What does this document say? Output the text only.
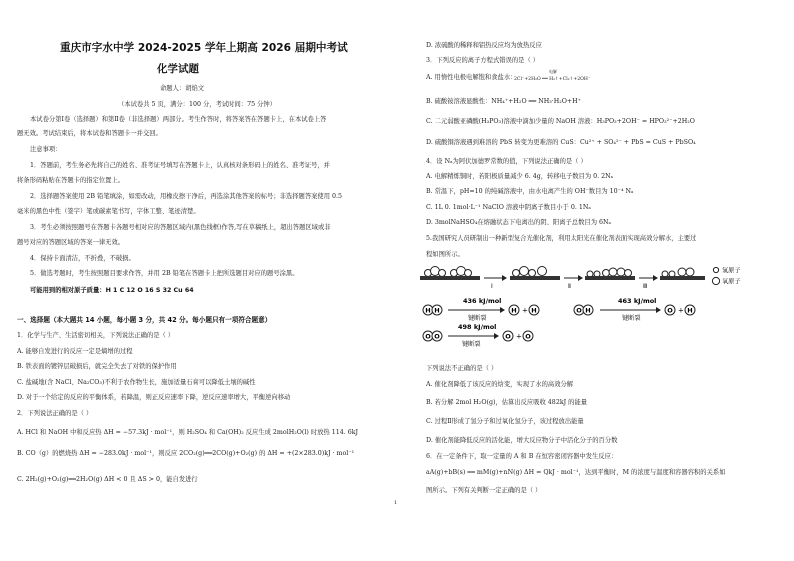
重庆市字水中学 2024-2025 学年上期高 2026 届期中考试
化学试题
命题人：胡焰文
（本试卷共 5 页，满分：100 分，考试时间：75 分钟）
本试卷分第Ⅰ卷（选择题）和第Ⅱ卷（非选择题）两部分。考生作答时，将答案答在答题卡上，在本试卷上答
题无效。考试结束后，将本试卷和答题卡一并交回。
注意事项：
1．答题前，考生务必先将自己的姓名、准考证号填写在答题卡上，认真核对条形码上的姓名、准考证号，并
将条形码粘贴在答题卡的指定位置上。
2．选择题答案使用 2B 铅笔填涂，如需改动，用橡皮擦干净后，再选涂其他答案的标号；非选择题答案使用 0.5
毫米的黑色中性（签字）笔或碳素笔书写，字体工整、笔迹清楚。
3．考生必须按照题号在答题卡各题号相对应的答题区域内(黑色线框)作答,写在草稿纸上，超出答题区域或非
题号对应的答题区域的答案一律无效。
4．保持卡面清洁，不折叠，不破损。
5．做选考题时，考生按照题目要求作答，并用 2B 铅笔在答题卡上把所选题目对应的题号涂黑。
可能用到的相对原子质量：H 1 C 12 O 16 S 32 Cu 64
一、选择题（本大题共 14 小题，每小题 3 分，共 42 分。每小题只有一项符合题意）
1．化学与生产、生活密切相关，下列说法正确的是（ ）
A. 能够自发进行的反应一定是熵增的过程
B. 铁表面的镀锌层破损后，就完全失去了对铁的保护作用
C. 盐碱地(含 NaCl、Na₂CO₃)不利于农作物生长，施加适量石膏可以降低土壤的碱性
D. 对于一个给定的反应的平衡体系，若降温，则正反应速率下降，逆反应速率增大，平衡逆向移动
2．下列说法正确的是（ ）
A. HCl 和 NaOH 中和反应热 ΔH = −57.3kJ · mol⁻¹，则 H₂SO₄ 和 Ca(OH)₂ 反应生成 2molH₂O(l) 时放热 114. 6kJ
B. CO（g）的燃烧热 ΔH = −283.0kJ · mol⁻¹，则反应 2CO₂(g)══2CO(g)+O₂(g) 的 ΔH = +(2×283.0)kJ · mol⁻¹
C. 2H₂(g)+O₂(g)══2H₂O(g) ΔH < 0 且 ΔS > 0，能自发进行
D. 浓硫酸的稀释和铝热反应均为放热反应
3．下列反应的离子方程式错误的是（ ）
A. 用惰性电极电解饱和食盐水：
2Cl⁻+2H₂O ══ H₂↑+Cl₂↑+2OH⁻
电解
B. 硫酸铵溶液显酸性：NH₄⁺+H₂O ══ NH₃·H₂O+H⁺
C. 二元弱酸亚磷酸(H₃PO₃)溶液中滴加少量的 NaOH 溶液：H₃PO₃+2OH⁻ = HPO₃²⁻+2H₂O
D. 硫酸铜溶液遇到难溶的 PbS 转变为更难溶的 CuS：Cu²⁺ + SO₄²⁻ + PbS = CuS + PbSO₄
4．设 Nₐ为阿伏加德罗常数的值，下列说法正确的是（ ）
A. 电解精炼铜时，若阳极质量减少 6. 4g，转移电子数目为 0. 2Nₐ
B. 常温下，pH=10 的纯碱溶液中，由水电离产生的 OH⁻数目为 10⁻⁴ Nₐ
C. 1L 0. 1mol·L⁻¹ NaClO 溶液中阴离子数目小于 0. 1Nₐ
D. 3molNaHSO₄在熔融状态下电离出的阴、阳离子总数目为 6Nₐ
5.我国研究人员研制出一种新型复合光催化剂，利用太阳光在催化剂表面实现高效分解水，主要过
程如图所示。
Ⅰ	Ⅱ	Ⅲ
氢原子
氧原子
H H
436 kJ/mol
键断裂
H + H	O H
463 kJ/mol
键断裂
O + H
O O
498 kJ/mol
键断裂
O + O
下列说法不正确的是（ ）
A. 催化剂降低了该反应的焓变，实现了水的高效分解
B. 若分解 2mol H₂O(g)，估算出反应吸收 482kJ 的能量
C. 过程Ⅱ形成了氢分子和过氧化氢分子，该过程放出能量
D. 催化剂能降低反应的活化能，增大反应物分子中活化分子的百分数
6．在一定条件下，取一定量的 A 和 B 在恒容密闭容器中发生反应：
aA(g)+bB(s) ══ mM(g)+nN(g) ΔH = QkJ · mol⁻¹，达到平衡时，M 的浓度与温度和容器容积的关系如
图所示。下列有关判断一定正确的是（ ）
1
